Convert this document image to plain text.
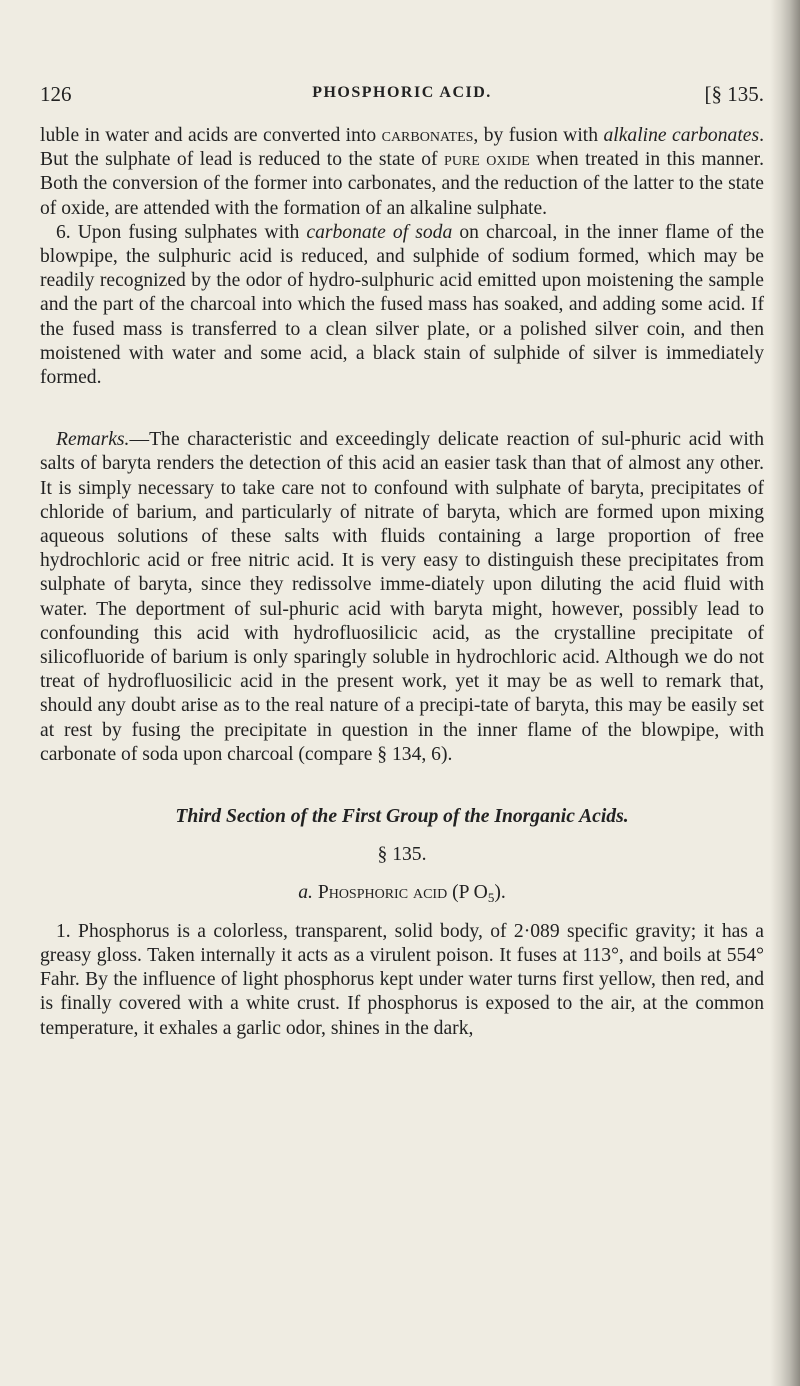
126	PHOSPHORIC ACID.	[§ 135.

luble in water and acids are converted into carbonates, by fusion with alkaline carbonates. But the sulphate of lead is reduced to the state of pure oxide when treated in this manner. Both the conversion of the former into carbonates, and the reduction of the latter to the state of oxide, are attended with the formation of an alkaline sulphate.

6. Upon fusing sulphates with carbonate of soda on charcoal, in the inner flame of the blowpipe, the sulphuric acid is reduced, and sulphide of sodium formed, which may be readily recognized by the odor of hydro-sulphuric acid emitted upon moistening the sample and the part of the charcoal into which the fused mass has soaked, and adding some acid. If the fused mass is transferred to a clean silver plate, or a polished silver coin, and then moistened with water and some acid, a black stain of sulphide of silver is immediately formed.

Remarks.—The characteristic and exceedingly delicate reaction of sul-phuric acid with salts of baryta renders the detection of this acid an easier task than that of almost any other. It is simply necessary to take care not to confound with sulphate of baryta, precipitates of chloride of barium, and particularly of nitrate of baryta, which are formed upon mixing aqueous solutions of these salts with fluids containing a large proportion of free hydrochloric acid or free nitric acid. It is very easy to distinguish these precipitates from sulphate of baryta, since they redissolve imme-diately upon diluting the acid fluid with water. The deportment of sul-phuric acid with baryta might, however, possibly lead to confounding this acid with hydrofluosilicic acid, as the crystalline precipitate of silicofluoride of barium is only sparingly soluble in hydrochloric acid. Although we do not treat of hydrofluosilicic acid in the present work, yet it may be as well to remark that, should any doubt arise as to the real nature of a precipi-tate of baryta, this may be easily set at rest by fusing the precipitate in question in the inner flame of the blowpipe, with carbonate of soda upon charcoal (compare § 134, 6).

Third Section of the First Group of the Inorganic Acids.

§ 135.

a. Phosphoric acid (P $O_5$).

1. Phosphorus is a colorless, transparent, solid body, of 2·089 specific gravity; it has a greasy gloss. Taken internally it acts as a virulent poison. It fuses at 113°, and boils at 554° Fahr. By the influence of light phosphorus kept under water turns first yellow, then red, and is finally covered with a white crust. If phosphorus is exposed to the air, at the common temperature, it exhales a garlic odor, shines in the dark,
